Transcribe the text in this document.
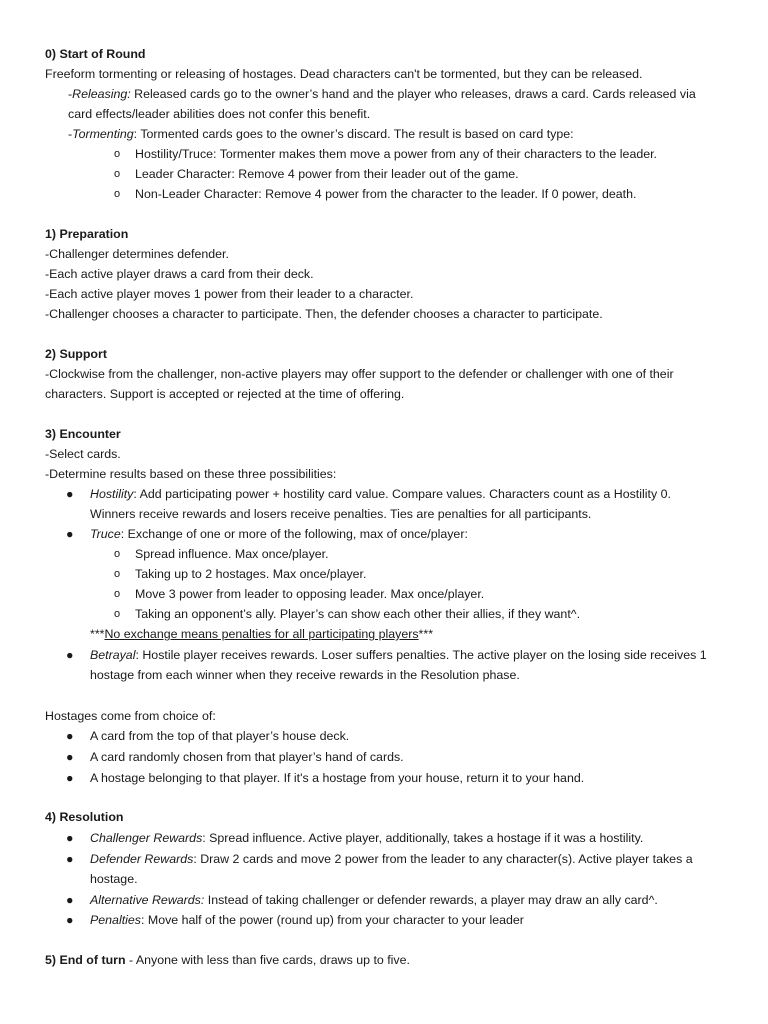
0) Start of Round
Freeform tormenting or releasing of hostages. Dead characters can't be tormented, but they can be released.
-Releasing: Released cards go to the owner’s hand and the player who releases, draws a card. Cards released via
card effects/leader abilities does not confer this benefit.
-Tormenting: Tormented cards goes to the owner’s discard. The result is based on card type:
o Hostility/Truce: Tormenter makes them move a power from any of their characters to the leader.
o Leader Character: Remove 4 power from their leader out of the game.
o Non-Leader Character: Remove 4 power from the character to the leader. If 0 power, death.
1) Preparation
-Challenger determines defender.
-Each active player draws a card from their deck.
-Each active player moves 1 power from their leader to a character.
-Challenger chooses a character to participate. Then, the defender chooses a character to participate.
2) Support
-Clockwise from the challenger, non-active players may offer support to the defender or challenger with one of their
characters. Support is accepted or rejected at the time of offering.
3) Encounter
-Select cards.
-Determine results based on these three possibilities:
● Hostility: Add participating power + hostility card value. Compare values. Characters count as a Hostility 0.
Winners receive rewards and losers receive penalties. Ties are penalties for all participants.
● Truce: Exchange of one or more of the following, max of once/player:
o Spread influence. Max once/player.
o Taking up to 2 hostages. Max once/player.
o Move 3 power from leader to opposing leader. Max once/player.
o Taking an opponent’s ally. Player’s can show each other their allies, if they want^.
***No exchange means penalties for all participating players***
● Betrayal: Hostile player receives rewards. Loser suffers penalties. The active player on the losing side receives 1
hostage from each winner when they receive rewards in the Resolution phase.
Hostages come from choice of:
● A card from the top of that player’s house deck.
● A card randomly chosen from that player’s hand of cards.
● A hostage belonging to that player. If it's a hostage from your house, return it to your hand.
4) Resolution
● Challenger Rewards: Spread influence. Active player, additionally, takes a hostage if it was a hostility.
● Defender Rewards: Draw 2 cards and move 2 power from the leader to any character(s). Active player takes a
hostage.
● Alternative Rewards: Instead of taking challenger or defender rewards, a player may draw an ally card^.
● Penalties: Move half of the power (round up) from your character to your leader
5) End of turn - Anyone with less than five cards, draws up to five.
